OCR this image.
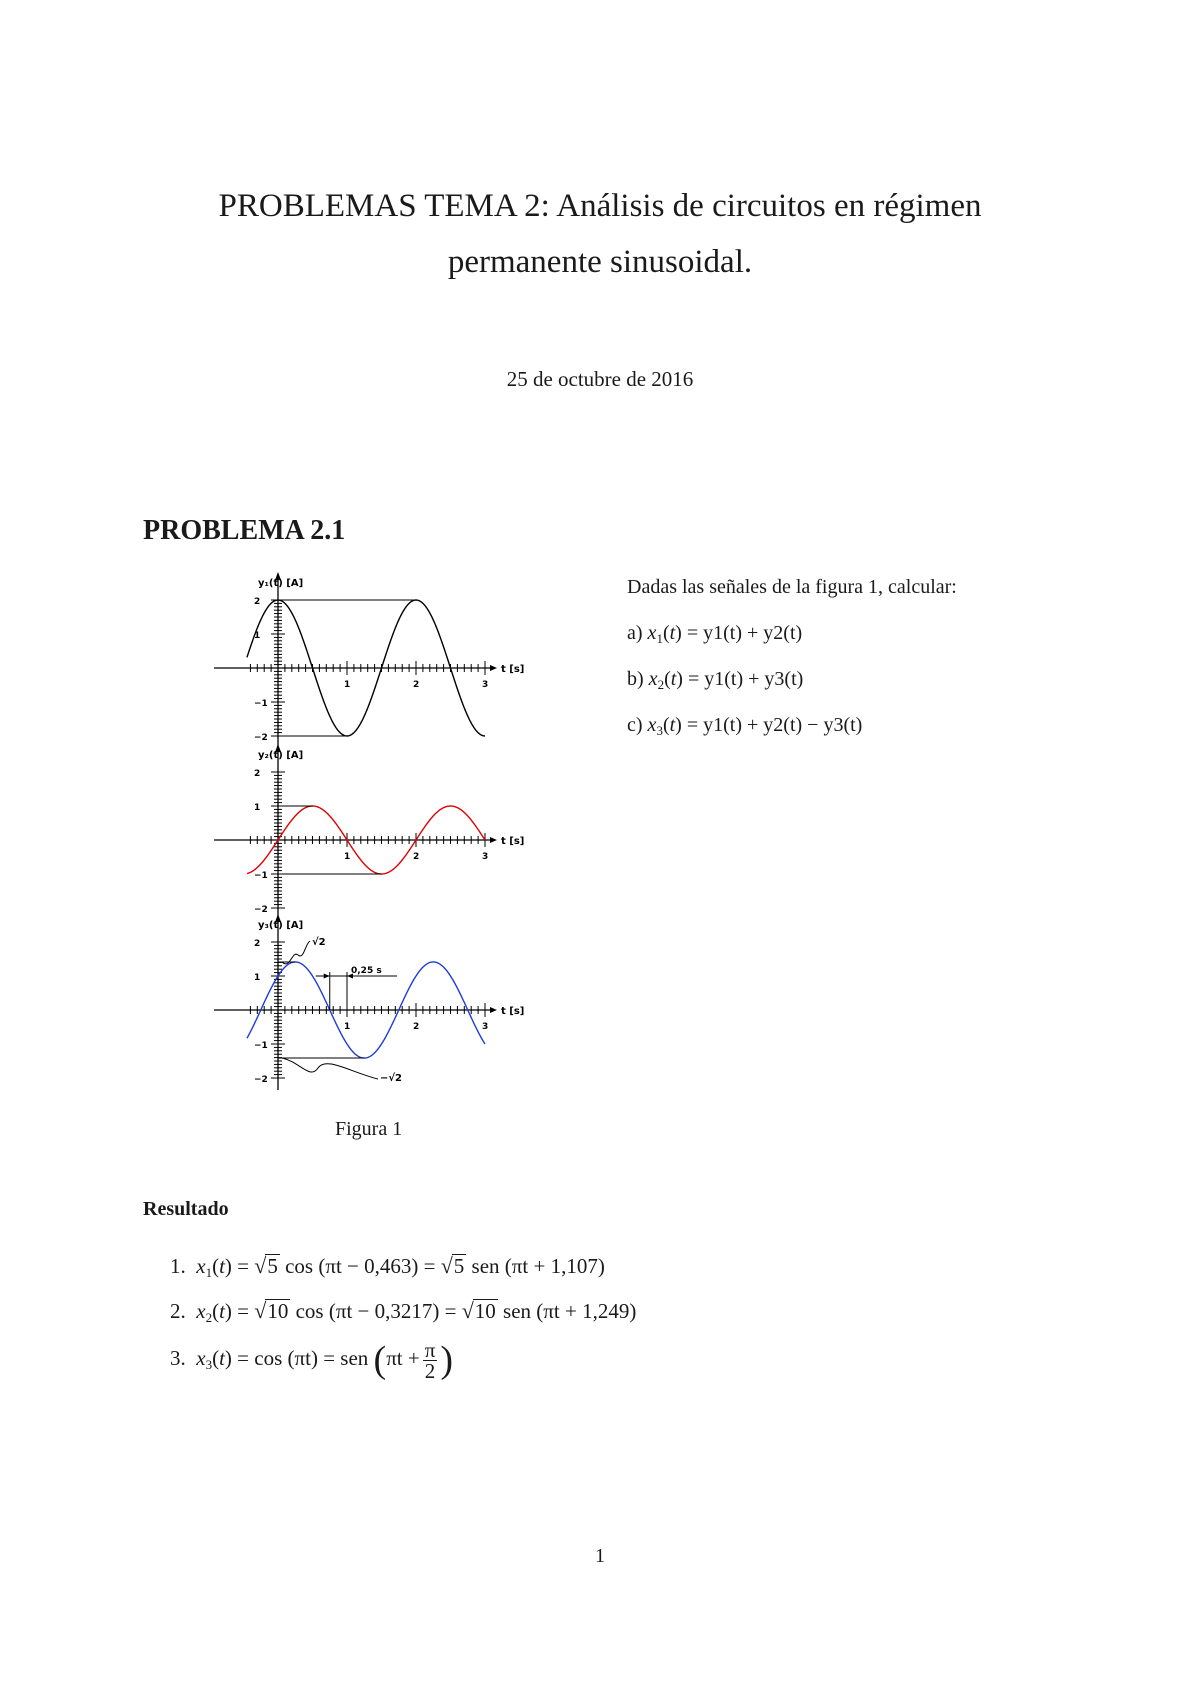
PROBLEMAS TEMA 2: Análisis de circuitos en régimen
permanente sinusoidal.
25 de octubre de 2016
PROBLEMA 2.1
1	2	3
2
1
−1
−2
y₁(t) [A]
t [s]
1	2	3
2
1
−1
−2
y₂(t) [A]
t [s]
1	2	3
2
1
−1
−2
y₃(t) [A]
t [s]
√2
0,25 s
−√2
Figura 1
Dadas las señales de la figura 1, calcular:
a) $x_1(t) = y1(t) + y2(t)$
b) $x_2(t) = y1(t) + y3(t)$
c) $x_3(t) = y1(t) + y2(t) - y3(t)$
Resultado
1. $x_1(t) = √5$ cos (πt − 0,463) = √5 sen (πt + 1,107)
2. $x_2(t) = √10$ cos (πt − 0,3217) = √10 sen (πt + 1,249)
3. $x_3(t) = \cos (\pi t)$ = sen ($\pi t + \frac{\pi}{2}$ )
1
